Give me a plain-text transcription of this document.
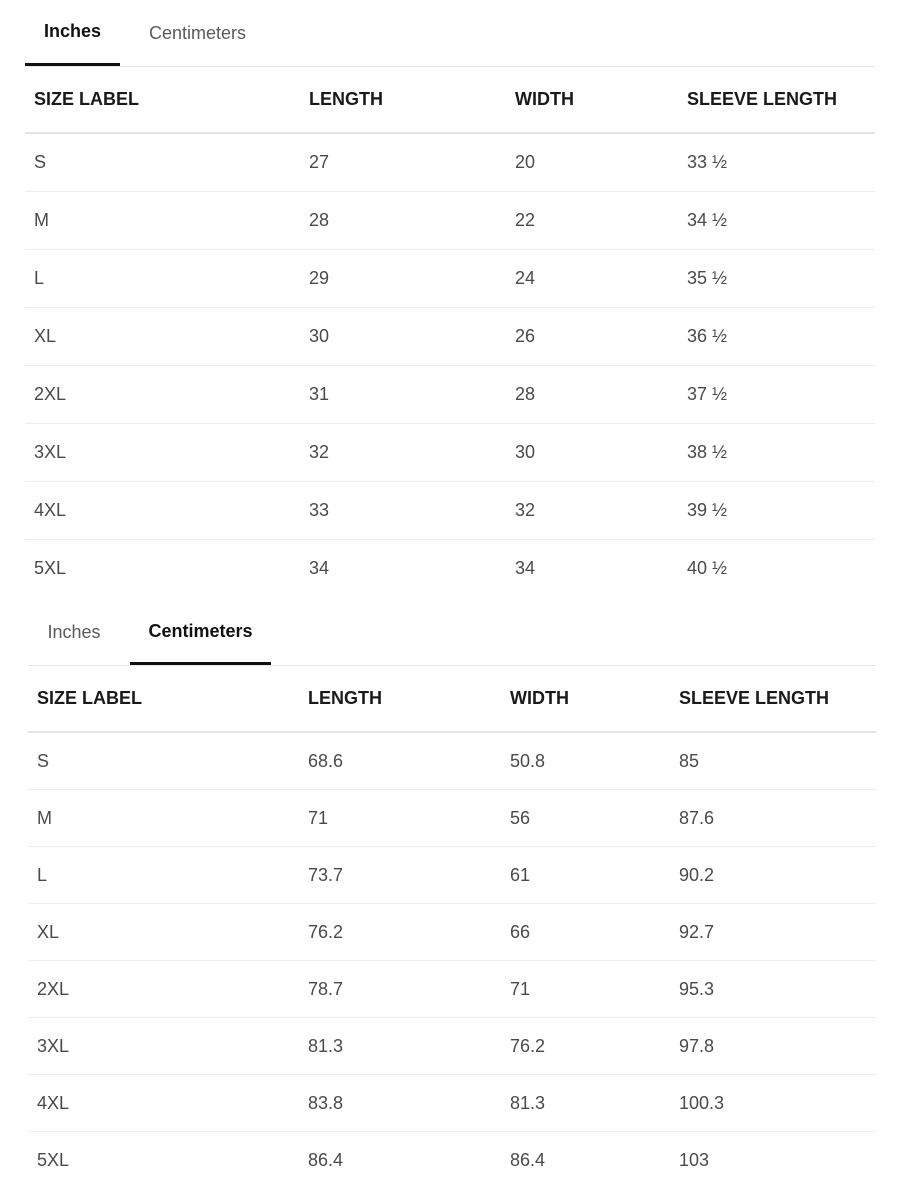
Inches	Centimeters
SIZE LABEL	LENGTH	WIDTH	SLEEVE LENGTH
S	27	20	33 ½
M	28	22	34 ½
L	29	24	35 ½
XL	30	26	36 ½
2XL	31	28	37 ½
3XL	32	30	38 ½
4XL	33	32	39 ½
5XL	34	34	40 ½
Inches	Centimeters
SIZE LABEL	LENGTH	WIDTH	SLEEVE LENGTH
S	68.6	50.8	85
M	71	56	87.6
L	73.7	61	90.2
XL	76.2	66	92.7
2XL	78.7	71	95.3
3XL	81.3	76.2	97.8
4XL	83.8	81.3	100.3
5XL	86.4	86.4	103
